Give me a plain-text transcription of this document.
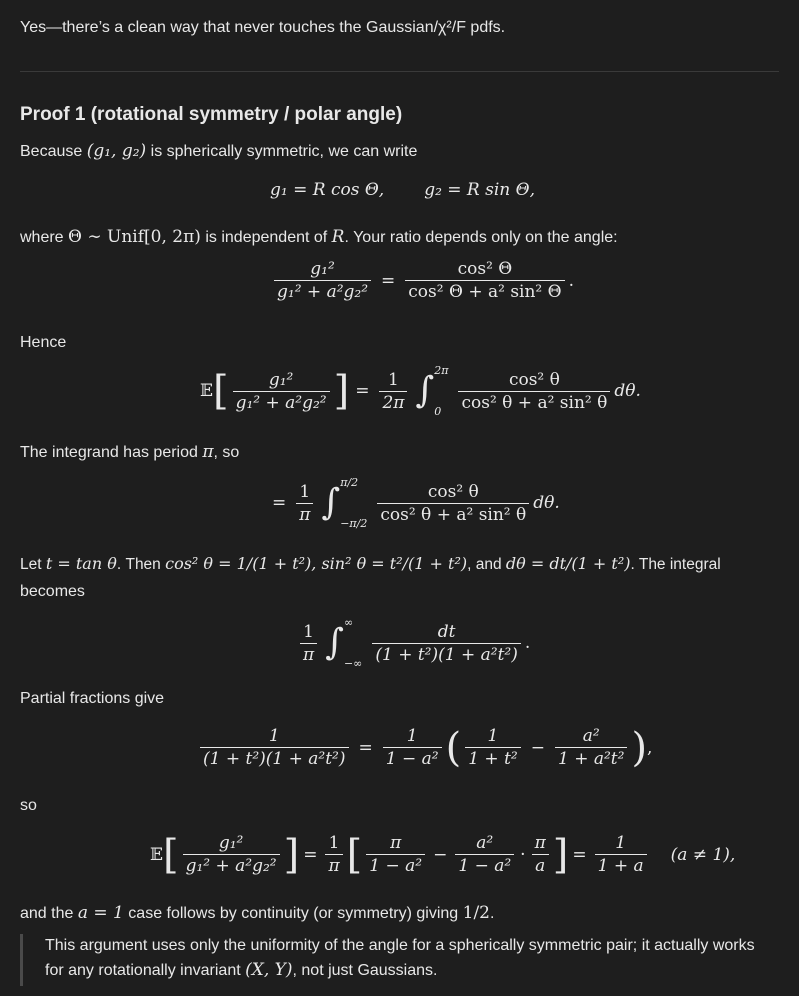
Yes—there’s a clean way that never touches the Gaussian/χ²/F pdfs.
Proof 1 (rotational symmetry / polar angle)
Because (g₁, g₂) is spherically symmetric, we can write
g₁ = R cos Θ, g₂ = R sin Θ,
where Θ ∼ Unif[0, 2π) is independent of R. Your ratio depends only on the angle:
$\frac{\text{g₁²}}{\text{g₁² + a²g₂²}} = \frac{\text{cos² Θ}}{\text{cos² Θ + a² sin² Θ}}$ .
Hence
𝔼 [ $\frac{\text{g₁²}}{\text{g₁² + a²g₂²}}$ ] = $\frac{1}{2\pi}$ ∫ 2π
0	$\frac{\text{cos² θ}}{\text{cos² θ + a² sin² θ}} d\theta$.
The integrand has period π, so
= $\frac{1}{\pi}$ ∫ π/2
$-\pi/2 \frac{\text{cos² θ}}{\text{cos² θ + a² sin² θ}} d\theta$.
Let t = tan θ. Then cos² θ = 1/(1 + t²), sin² θ = t²/(1 + t²), and dθ = dt/(1 + t²). The integral
becomes
$\frac{1}{\pi}$ ∫ ∞
−∞ $\frac{dt}{\text{(1 + t²)(1 + a²t²)}}$ .
Partial fractions give
$\frac{1}{\text{(1 + t²)(1 + a²t²)}} = \frac{1}{\text{1 − a²}}$ ( $\frac{1}{\text{1 + t²}} - \frac{\text{a²}}{\text{1 + a²t²}}$ ) ,
so
𝔼 [ $\frac{\text{g₁²}}{\text{g₁² + a²g₂²}}$ ] = $\frac{1}{\pi}$ [ $\frac{\pi}{\text{1 − a²}} - \frac{\text{a²}}{\text{1 − a²}} \cdot \frac{\pi}{a}$ ] = $\frac{1}{1 + a} (a \ne 1)$,
and the a = 1 case follows by continuity (or symmetry) giving 1/2.
This argument uses only the uniformity of the angle for a spherically symmetric pair; it actually works
for any rotationally invariant (X, Y), not just Gaussians.
